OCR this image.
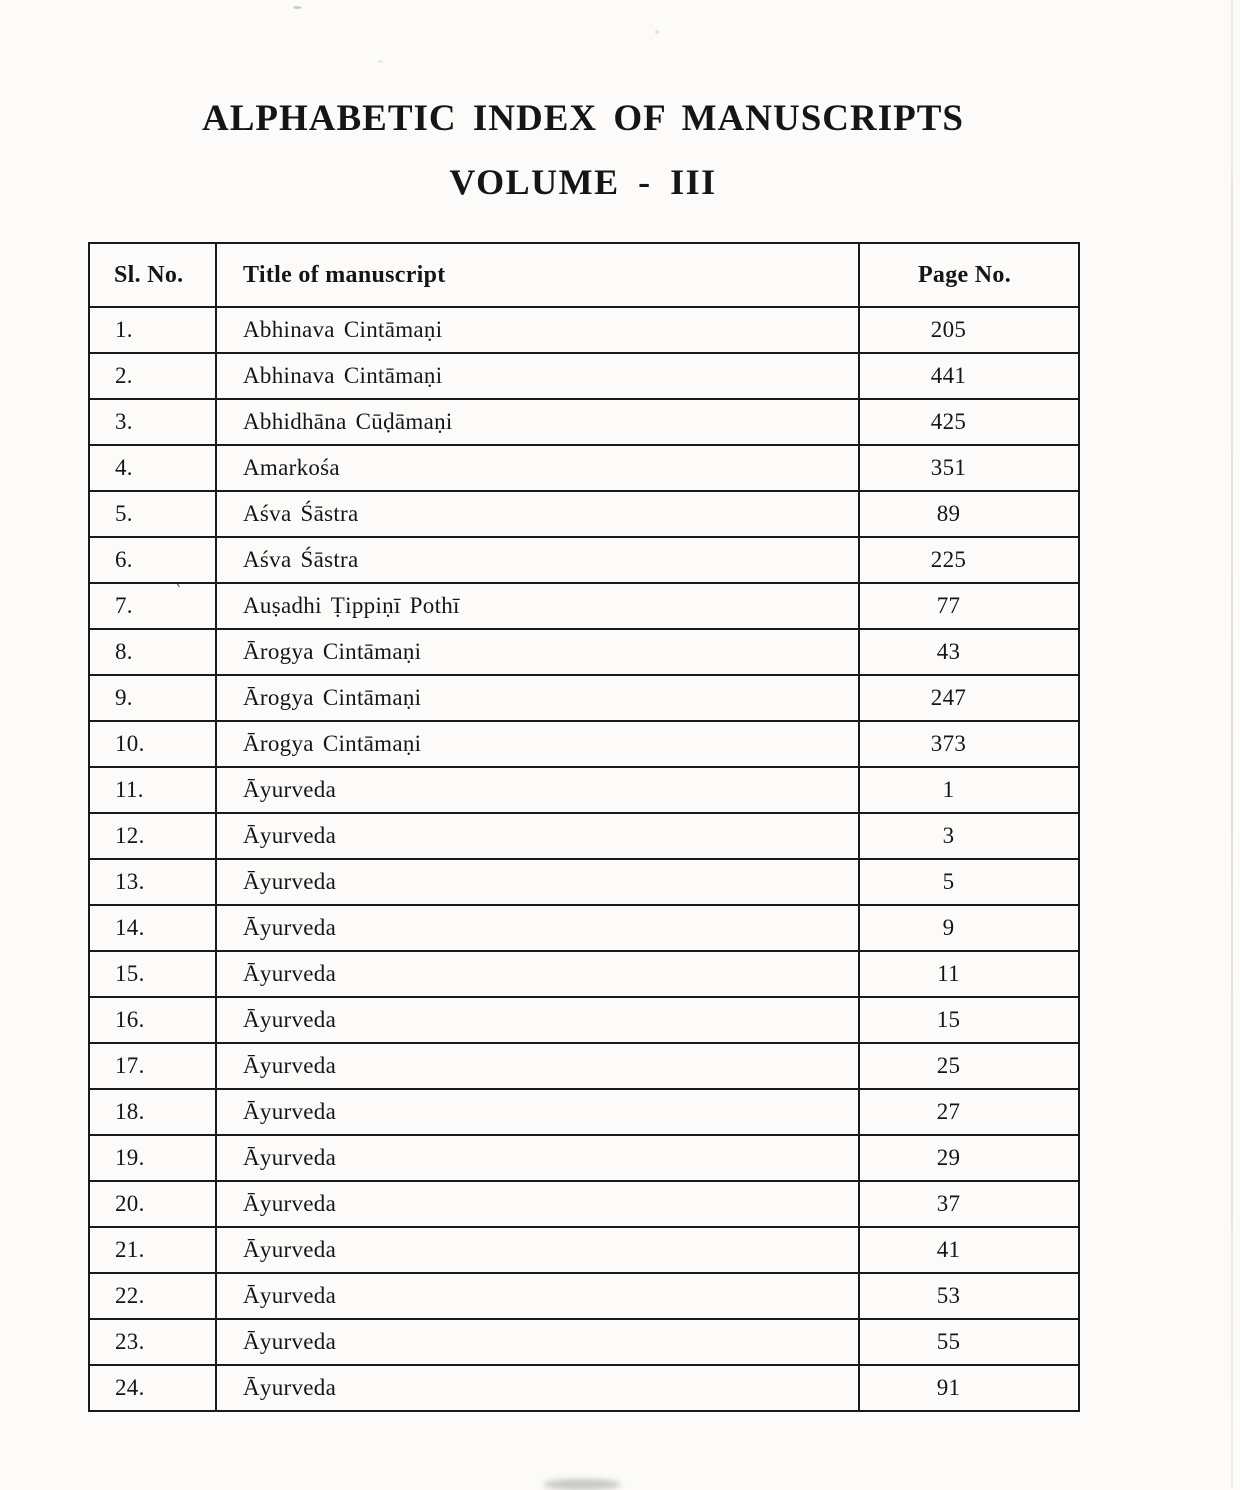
ALPHABETIC INDEX OF MANUSCRIPTS
VOLUME - III
Sl. No.	Title of manuscript	Page No.
1.	Abhinava Cintāmaṇi	205
2.	Abhinava Cintāmaṇi	441
3.	Abhidhāna Cūḍāmaṇi	425
4.	Amarkośa	351
5.	Aśva Śāstra	89
6.	Aśva Śāstra	225
7.	Auṣadhi Ṭippiṇī Pothī	77
8.	Ārogya Cintāmaṇi	43
9.	Ārogya Cintāmaṇi	247
10.	Ārogya Cintāmaṇi	373
11.	Āyurveda	1
12.	Āyurveda	3
13.	Āyurveda	5
14.	Āyurveda	9
15.	Āyurveda	11
16.	Āyurveda	15
17.	Āyurveda	25
18.	Āyurveda	27
19.	Āyurveda	29
20.	Āyurveda	37
21.	Āyurveda	41
22.	Āyurveda	53
23.	Āyurveda	55
24.	Āyurveda	91
`
